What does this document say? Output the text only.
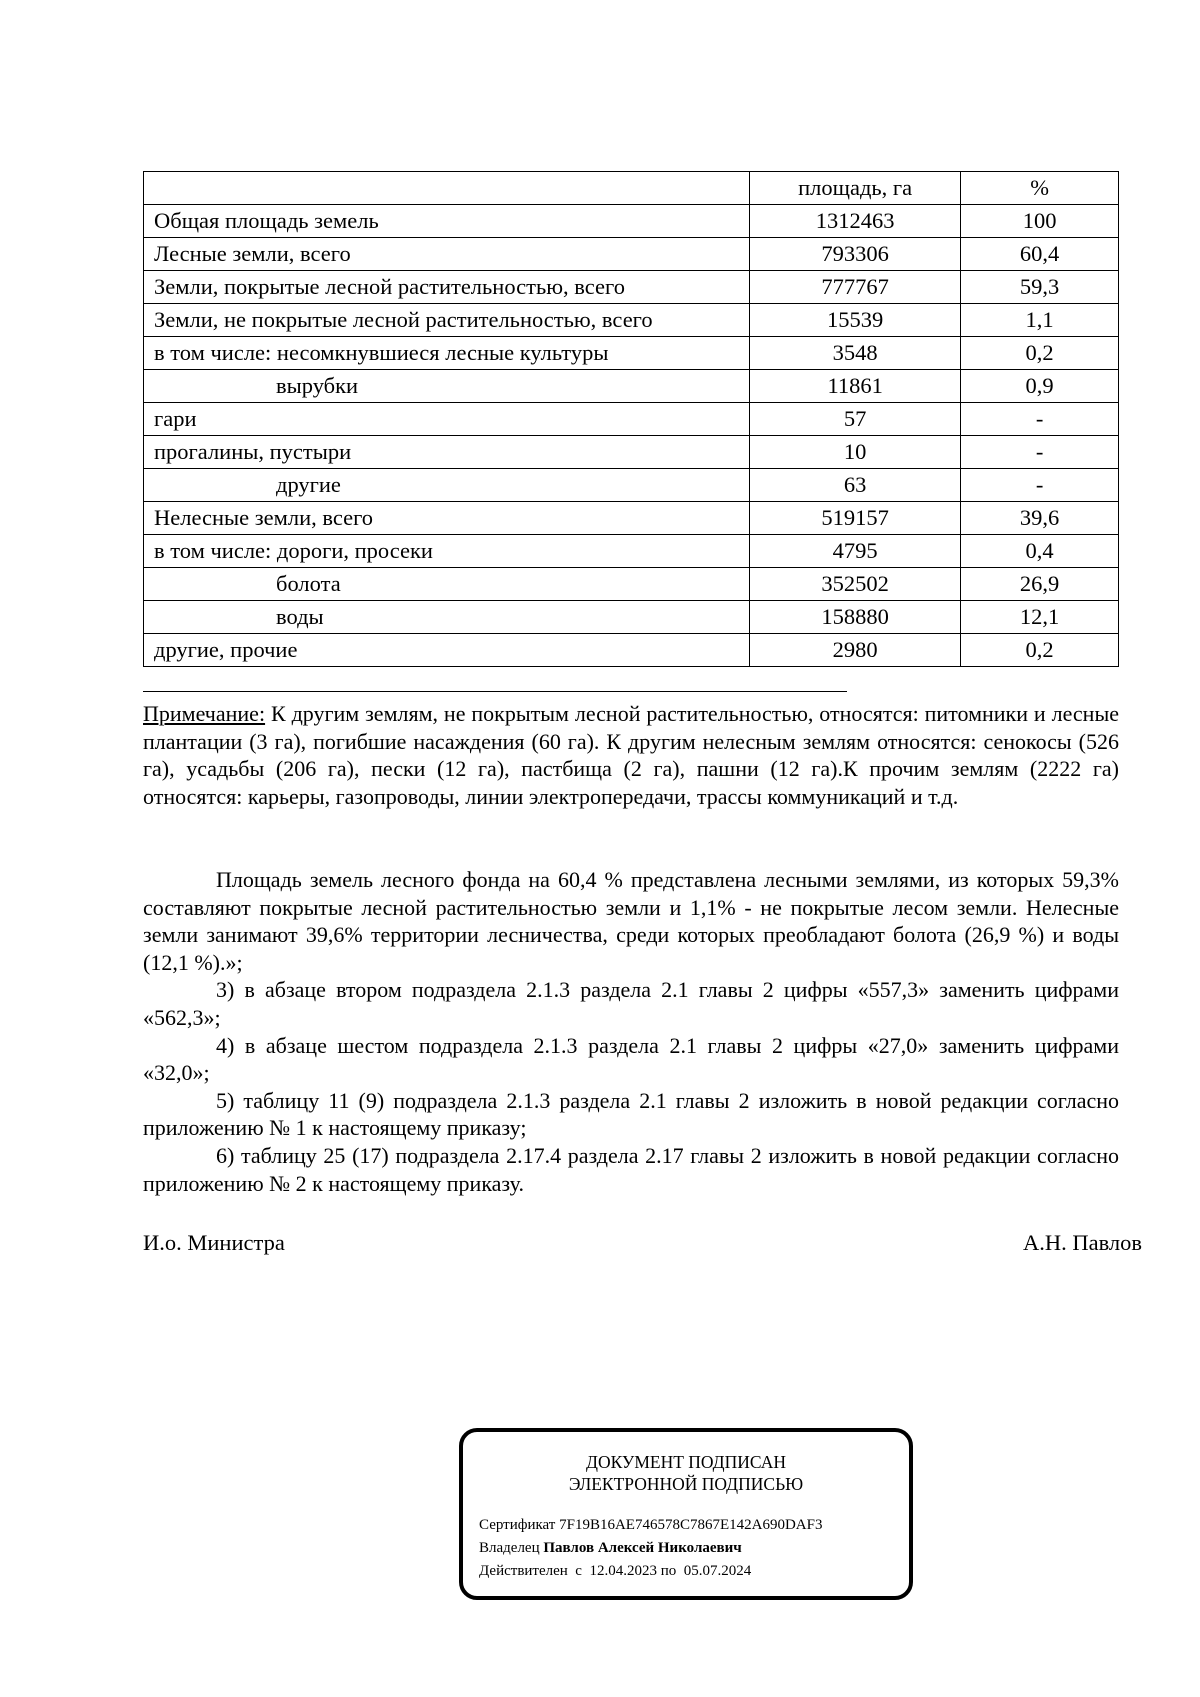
	площадь, га	%
Общая площадь земель	1312463	100
Лесные земли, всего	793306	60,4
Земли, покрытые лесной растительностью, всего	777767	59,3
Земли, не покрытые лесной растительностью, всего	15539	1,1
в том числе: несомкнувшиеся лесные культуры	3548	0,2
вырубки	11861	0,9
гари	57	-
прогалины, пустыри	10	-
другие	63	-
Нелесные земли, всего	519157	39,6
в том числе: дороги, просеки	4795	0,4
болота	352502	26,9
воды	158880	12,1
другие, прочие	2980	0,2

Примечание: К другим землям, не покрытым лесной растительностью, относятся: питомники и лесные плантации (3 га), погибшие насаждения (60 га). К другим нелесным землям относятся: сенокосы (526 га), усадьбы (206 га), пески (12 га), пастбища (2 га), пашни (12 га).К прочим землям (2222 га) относятся: карьеры, газопроводы, линии электропередачи, трассы коммуникаций и т.д.

Площадь земель лесного фонда на 60,4 % представлена лесными землями, из которых 59,3% составляют покрытые лесной растительностью земли и 1,1% - не покрытые лесом земли. Нелесные земли занимают 39,6% территории лесничества, среди которых преобладают болота (26,9 %) и воды (12,1 %).»;

3) в абзаце втором подраздела 2.1.3 раздела 2.1 главы 2 цифры «557,3» заменить цифрами «562,3»;

4) в абзаце шестом подраздела 2.1.3 раздела 2.1 главы 2 цифры «27,0» заменить цифрами «32,0»;

5) таблицу 11 (9) подраздела 2.1.3 раздела 2.1 главы 2 изложить в новой редакции согласно приложению № 1 к настоящему приказу;

6) таблицу 25 (17) подраздела 2.17.4 раздела 2.17 главы 2 изложить в новой редакции согласно приложению № 2 к настоящему приказу.

И.о. Министра	А.Н. Павлов
ДОКУМЕНТ ПОДПИСАН
ЭЛЕКТРОННОЙ ПОДПИСЬЮ
Сертификат 7F19B16AE746578C7867E142A690DAF3
Владелец Павлов Алексей Николаевич
Действителен  с  12.04.2023 по  05.07.2024
